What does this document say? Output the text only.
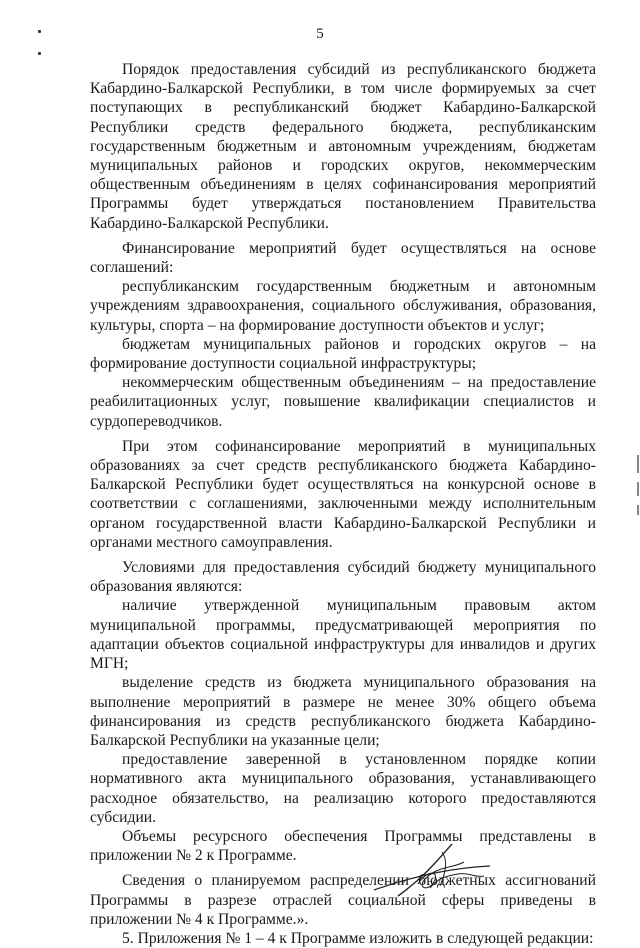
5

Порядок предоставления субсидий из республиканского бюджета Кабардино-Балкарской Республики, в том числе формируемых за счет поступающих в республиканский бюджет Кабардино-Балкарской Республики средств федерального бюджета, республиканским государственным бюджетным и автономным учреждениям, бюджетам муниципальных районов и городских округов, некоммерческим общественным объединениям в целях софинансирования мероприятий Программы будет утверждаться постановлением Правительства Кабардино-Балкарской Республики.

Финансирование мероприятий будет осуществляться на основе соглашений:

республиканским государственным бюджетным и автономным учреждениям здравоохранения, социального обслуживания, образования, культуры, спорта – на формирование доступности объектов и услуг;

бюджетам муниципальных районов и городских округов – на формирование доступности социальной инфраструктуры;

некоммерческим общественным объединениям – на предоставление реабилитационных услуг, повышение квалификации специалистов и сурдопереводчиков.

При этом софинансирование мероприятий в муниципальных образованиях за счет средств республиканского бюджета Кабардино-Балкарской Республики будет осуществляться на конкурсной основе в соответствии с соглашениями, заключенными между исполнительным органом государственной власти Кабардино-Балкарской Республики и органами местного самоуправления.

Условиями для предоставления субсидий бюджету муниципального образования являются:

наличие утвержденной муниципальным правовым актом муниципальной программы, предусматривающей мероприятия по адаптации объектов социальной инфраструктуры для инвалидов и других МГН;

выделение средств из бюджета муниципального образования на выполнение мероприятий в размере не менее 30% общего объема финансирования из средств республиканского бюджета Кабардино-Балкарской Республики на указанные цели;

предоставление заверенной в установленном порядке копии нормативного акта муниципального образования, устанавливающего расходное обязательство, на реализацию которого предоставляются субсидии.

Объемы ресурсного обеспечения Программы представлены в приложении № 2 к Программе.

Сведения о планируемом распределении бюджетных ассигнований Программы в разрезе отраслей социальной сферы приведены в приложении № 4 к Программе.».

5. Приложения № 1 – 4 к Программе изложить в следующей редакции:
